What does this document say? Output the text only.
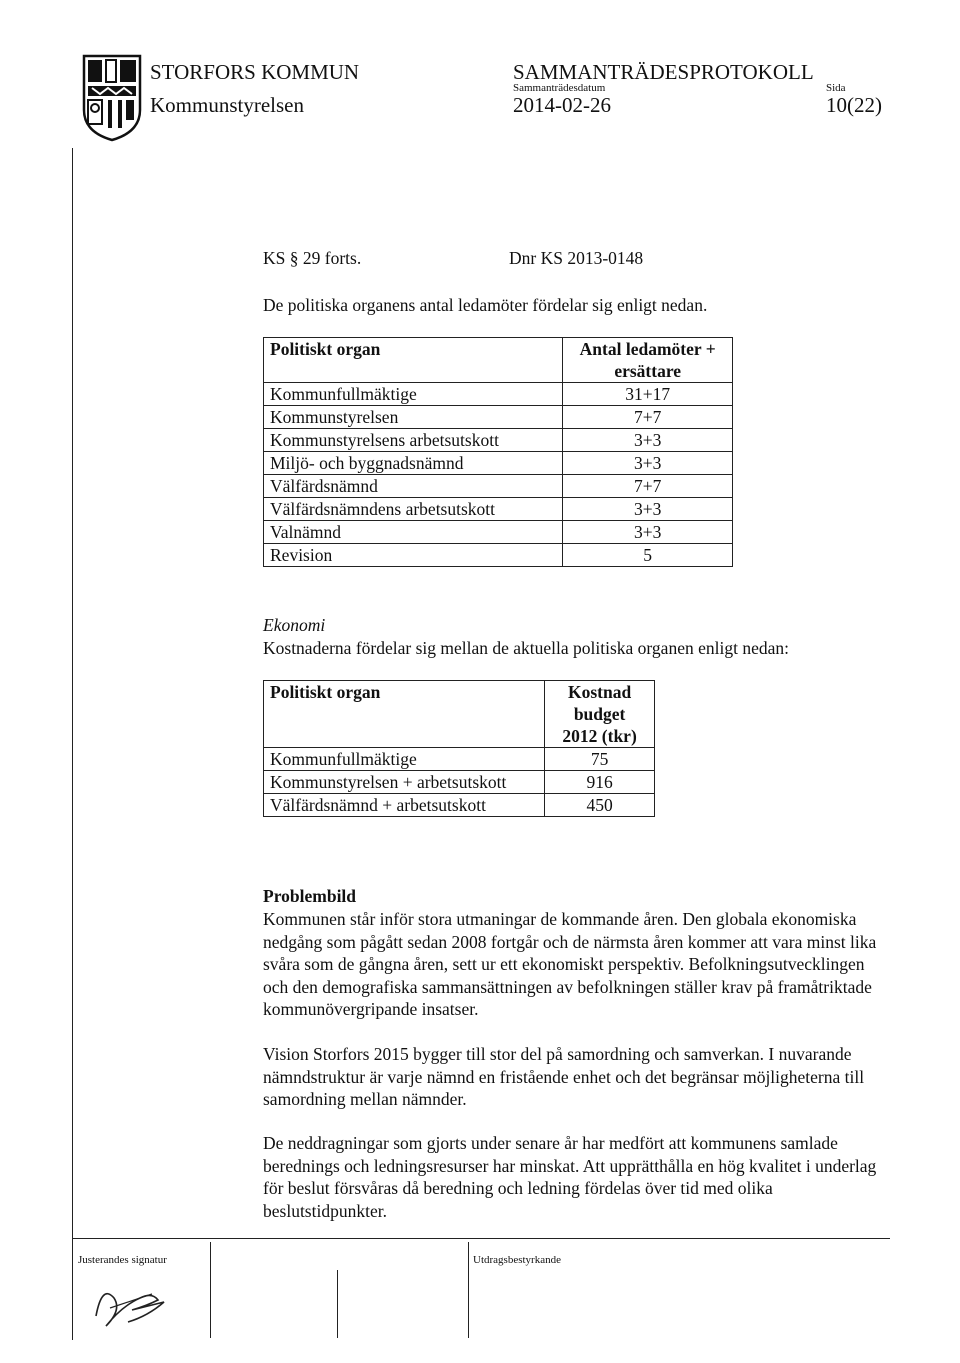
STORFORS KOMMUN
Kommunstyrelsen
SAMMANTRÄDESPROTOKOLL
Sammanträdesdatum
2014-02-26
Sida
10(22)
KS § 29 forts.	Dnr KS 2013-0148
De politiska organens antal ledamöter fördelar sig enligt nedan.
Politiskt organ	Antal ledamöter +
ersättare

Kommunfullmäktige	31+17
Kommunstyrelsen	7+7
Kommunstyrelsens arbetsutskott	3+3
Miljö- och byggnadsnämnd	3+3
Välfärdsnämnd	7+7
Välfärdsnämndens arbetsutskott	3+3
Valnämnd	3+3
Revision	5
Ekonomi
Kostnaderna fördelar sig mellan de aktuella politiska organen enligt nedan:
Politiskt organ	Kostnad
budget
2012 (tkr)

Kommunfullmäktige	75
Kommunstyrelsen + arbetsutskott	916
Välfärdsnämnd + arbetsutskott	450
Problembild
Kommunen står inför stora utmaningar de kommande åren. Den globala ekonomiska nedgång som pågått sedan 2008 fortgår och de närmsta åren kommer att vara minst lika svåra som de gångna åren, sett ur ett ekonomiskt perspektiv. Befolkningsutvecklingen och den demografiska sammansättningen av befolkningen ställer krav på framåtriktade kommunövergripande insatser.
Vision Storfors 2015 bygger till stor del på samordning och samverkan. I nuvarande nämndstruktur är varje nämnd en fristående enhet och det begränsar möjligheterna till samordning mellan nämnder.
De neddragningar som gjorts under senare år har medfört att kommunens samlade berednings och ledningsresurser har minskat. Att upprätthålla en hög kvalitet i underlag för beslut försvåras då beredning och ledning fördelas över tid med olika beslutstidpunkter.
Justerandes signatur	Utdragsbestyrkande
